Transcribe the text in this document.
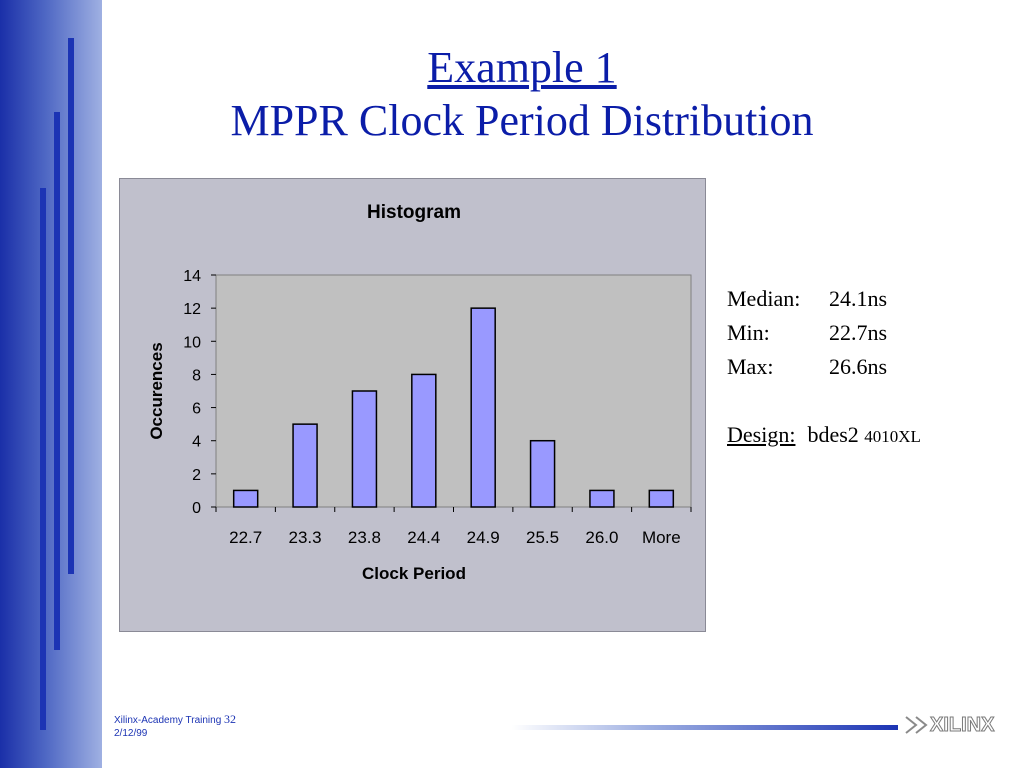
Example 1
MPPR Clock Period Distribution
Histogram
0
2
4
6
8
10
12
14
22.7 23.3 23.8 24.4 24.9 25.5 26.0 More
Clock Period
Occurences
Median: 24.1ns
Min:	22.7ns
Max:	26.6ns
Design: bdes2 4010XL
Xilinx-Academy Training 32
2/12/99	XILINX
